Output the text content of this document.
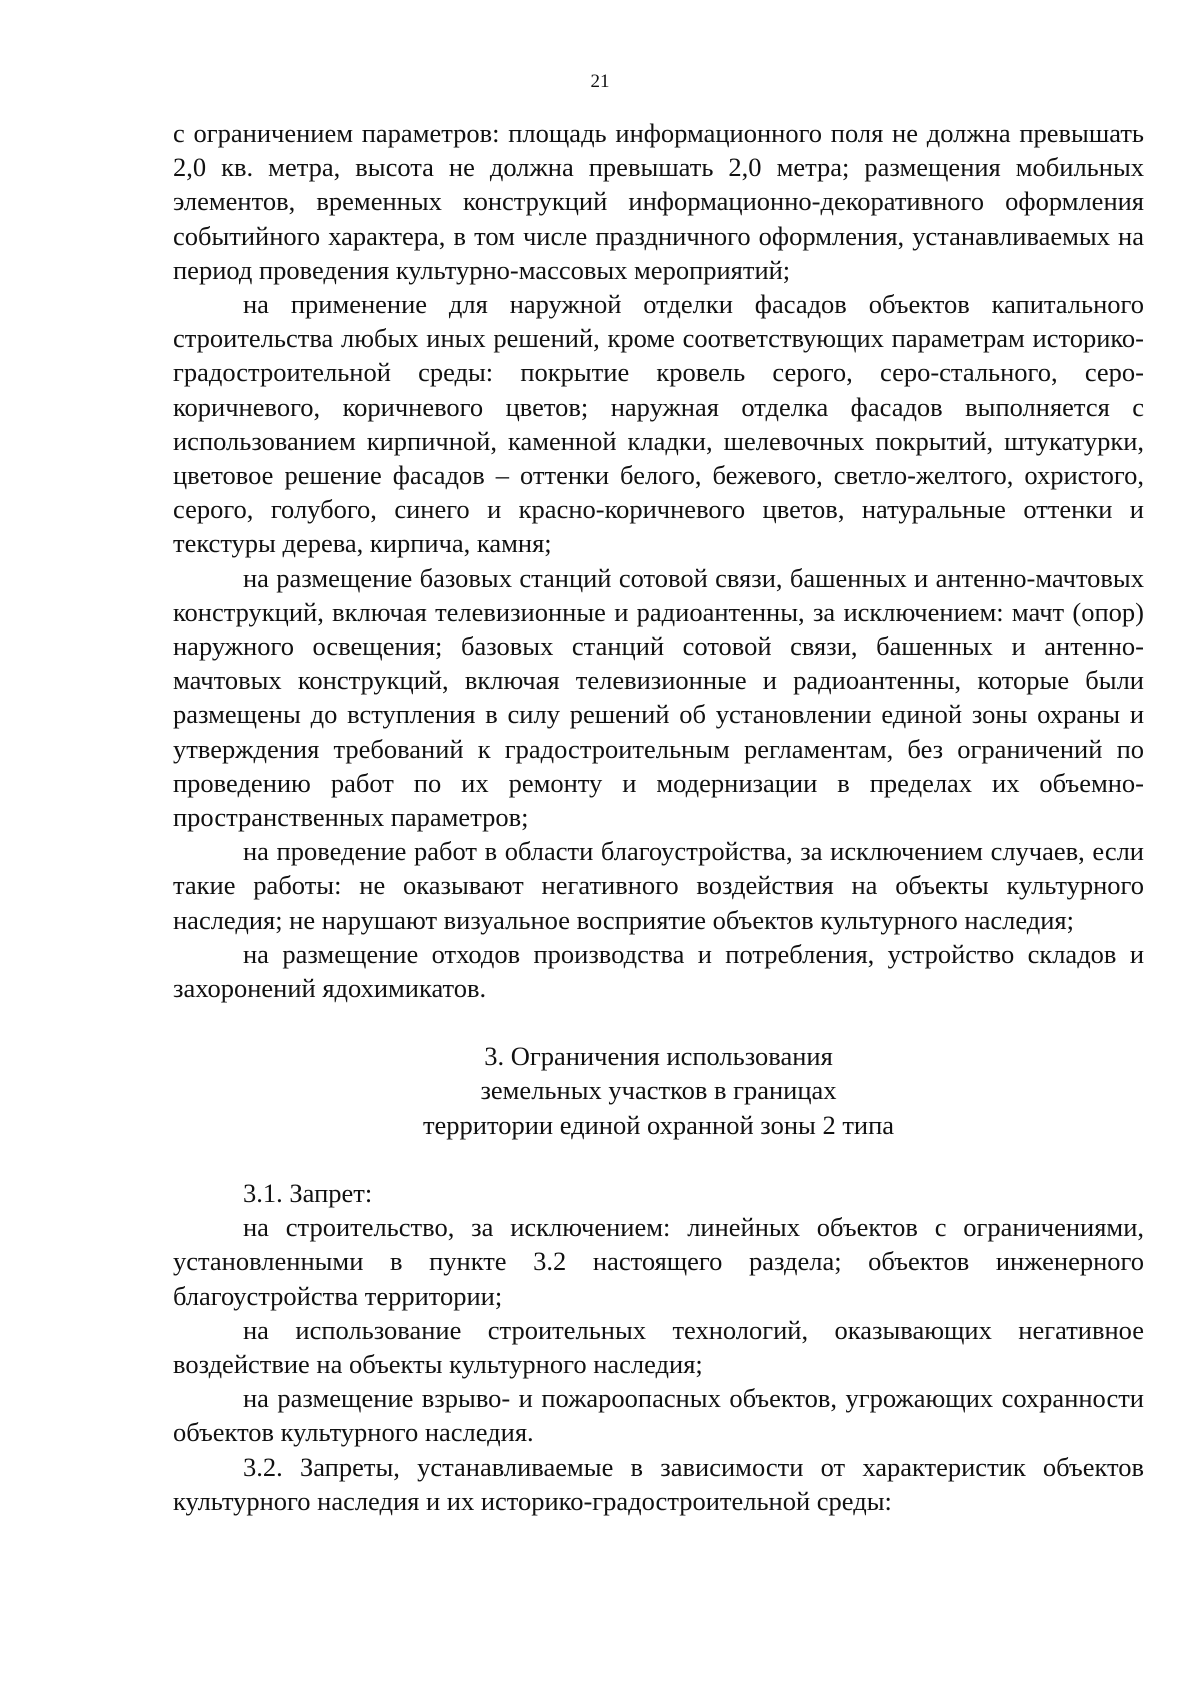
21

с ограничением параметров: площадь информационного поля не должна превышать 2,0 кв. метра, высота не должна превышать 2,0 метра; размещения мобильных элементов, временных конструкций информационно-декоративного оформления событийного характера, в том числе праздничного оформления, устанавливаемых на период проведения культурно-массовых мероприятий;

на применение для наружной отделки фасадов объектов капитального строительства любых иных решений, кроме соответствующих параметрам историко-градостроительной среды: покрытие кровель серого, серо-стального, серо-коричневого, коричневого цветов; наружная отделка фасадов выполняется с использованием кирпичной, каменной кладки, шелевочных покрытий, штукатурки, цветовое решение фасадов – оттенки белого, бежевого, светло-желтого, охристого, серого, голубого, синего и красно-коричневого цветов, натуральные оттенки и текстуры дерева, кирпича, камня;

на размещение базовых станций сотовой связи, башенных и антенно-мачтовых конструкций, включая телевизионные и радиоантенны, за исключением: мачт (опор) наружного освещения; базовых станций сотовой связи, башенных и антенно-мачтовых конструкций, включая телевизионные и радиоантенны, которые были размещены до вступления в силу решений об установлении единой зоны охраны и утверждения требований к градостроительным регламентам, без ограничений по проведению работ по их ремонту и модернизации в пределах их объемно-пространственных параметров;

на проведение работ в области благоустройства, за исключением случаев, если такие работы: не оказывают негативного воздействия на объекты культурного наследия; не нарушают визуальное восприятие объектов культурного наследия;

на размещение отходов производства и потребления, устройство складов и захоронений ядохимикатов.

3. Ограничения использования
земельных участков в границах
территории единой охранной зоны 2 типа

3.1. Запрет:

на строительство, за исключением: линейных объектов с ограничениями, установленными в пункте 3.2 настоящего раздела; объектов инженерного благоустройства территории;

на использование строительных технологий, оказывающих негативное воздействие на объекты культурного наследия;

на размещение взрыво- и пожароопасных объектов, угрожающих сохранности объектов культурного наследия.

3.2. Запреты, устанавливаемые в зависимости от характеристик объектов культурного наследия и их историко-градостроительной среды:
